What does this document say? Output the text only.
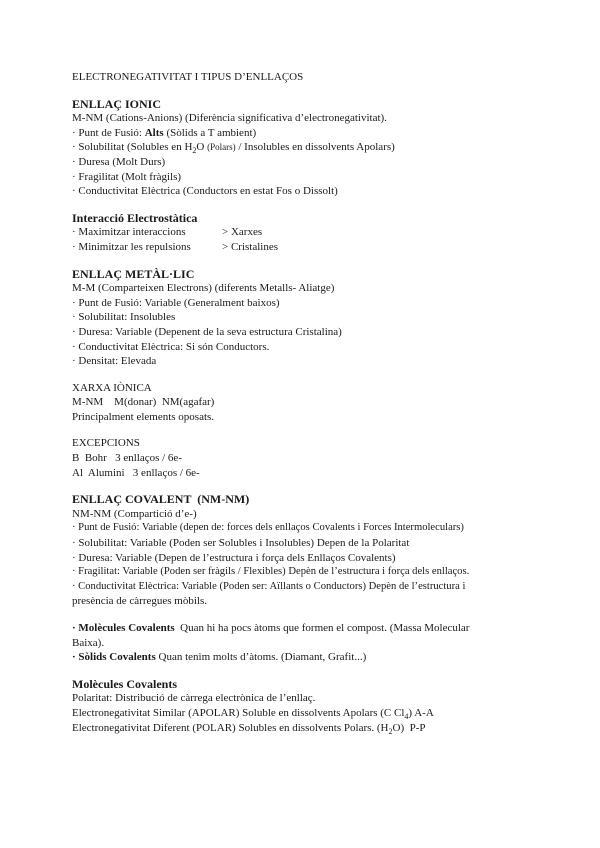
ELECTRONEGATIVITAT I TIPUS D’ENLLAÇOS
ENLLAÇ IONIC
M-NM (Cations-Anions) (Diferència significativa d’electronegativitat).
· Punt de Fusió: Alts (Sòlids a T ambient)
· Solubilitat (Solubles en $H_2O$ (Polars) / Insolubles en dissolvents Apolars)
· Duresa (Molt Durs)
· Fragilitat (Molt fràgils)
· Conductivitat Elèctrica (Conductors en estat Fos o Dissolt)
Interacció Electrostàtica
· Maximitzar interaccions	> Xarxes
· Minimitzar les repulsions	> Cristalines
ENLLAÇ METÀL·LIC
M-M (Comparteixen Electrons) (diferents Metalls- Aliatge)
· Punt de Fusió: Variable (Generalment baixos)
· Solubilitat: Insolubles
· Duresa: Variable (Depenent de la seva estructura Cristalina)
· Conductivitat Elèctrica: Si són Conductors.
· Densitat: Elevada
XARXA IÒNICA
M-NM    M(donar)  NM(agafar)
Principalment elements oposats.
EXCEPCIONS
B  Bohr   3 enllaços / 6e-
Al  Alumini   3 enllaços / 6e-
ENLLAÇ COVALENT  (NM-NM)
NM-NM (Compartició d’e-)
· Punt de Fusió: Variable (depen de: forces dels enllaços Covalents i Forces Intermoleculars)
· Solubilitat: Variable (Poden ser Solubles i Insolubles) Depen de la Polaritat
· Duresa: Variable (Depen de l’estructura i força dels Enllaços Covalents)
· Fragilitat: Variable (Poden ser fràgils / Flexibles) Depèn de l’estructura i força dels enllaços.
· Conductivitat Elèctrica: Variable (Poden ser: Aïllants o Conductors) Depèn de l’estructura i
presència de càrregues mòbils.
· Molècules Covalents  Quan hi ha pocs àtoms que formen el compost. (Massa Molecular
Baixa).
· Sòlids Covalents Quan tenim molts d’àtoms. (Diamant, Grafit...)
Molècules Covalents
Polaritat: Distribució de càrrega electrònica de l’enllaç.
Electronegativitat Similar (APOLAR) Soluble en dissolvents Apolars (C $Cl_4$) A-A
Electronegativitat Diferent (POLAR) Solubles en dissolvents Polars. $(H_2O)$  P-P
